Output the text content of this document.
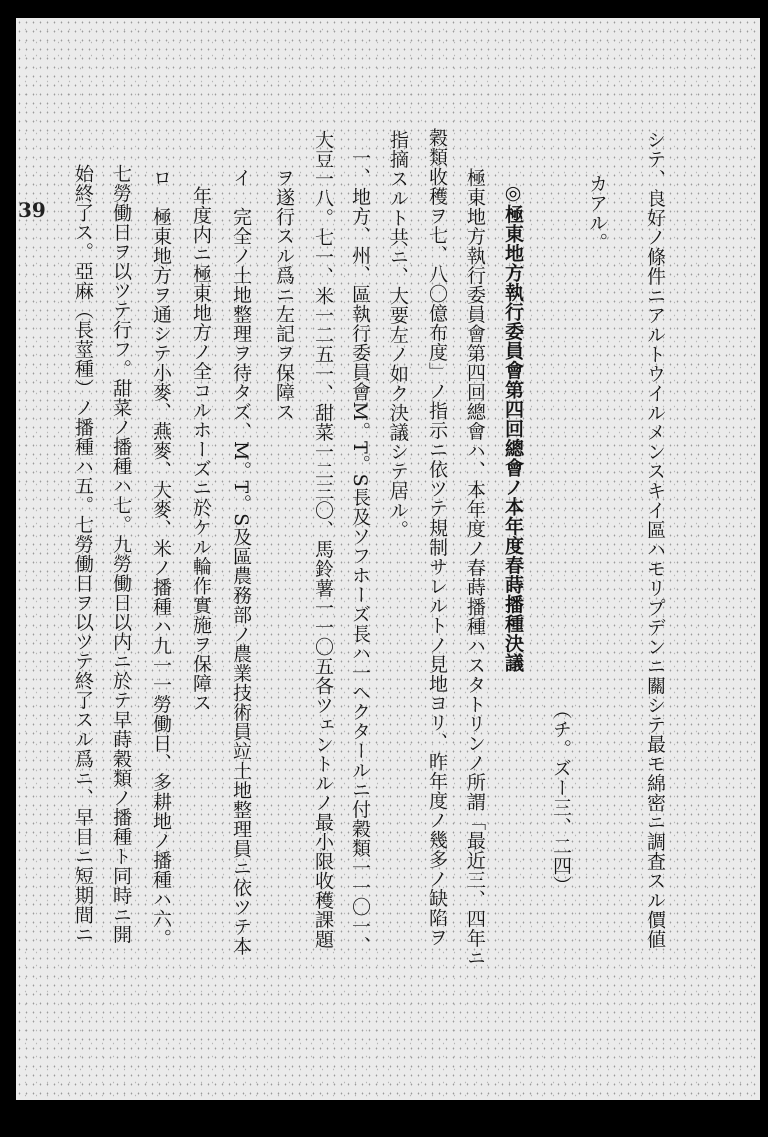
39	シテ、良好ノ條件ニアルトウイルメンスキイ區ハモリプデンニ關シテ最モ綿密ニ調査スル價値
カアル。
（チ。ズー三、二四）
◎極東地方執行委員會第四回總會ノ本年度春蒔播種決議
極東地方執行委員會第四回總會ハ、本年度ノ春蒔播種ハスタトリンノ所謂「最近三、四年ニ
穀類收穫ヲ七、八〇億布度」ノ指示ニ依ツテ規制サレルトノ見地ヨリ、昨年度ノ幾多ノ缺陷ヲ
指摘スルト共ニ、大要左ノ如ク決議シテ居ル。
一、地方、州、區執行委員會M。T。S長及ソフホーズ長ハ一ヘクタールニ付穀類一一〇一、
大豆一八。七一、米一二五一、甜菜一二三〇、馬鈴薯一一〇五各ツェントルノ最小限收穫課題
ヲ遂行スル爲ニ左記ヲ保障ス
イ　完全ノ土地整理ヲ待タズ、M。T。S及區農務部ノ農業技術員竝土地整理員ニ依ツテ本
年度内ニ極東地方ノ全コルホーズニ於ケル輪作實施ヲ保障ス
ロ　極東地方ヲ通シテ小麥、燕麥、大麥、米ノ播種ハ九一一勞働日、多耕地ノ播種ハ六。
七勞働日ヲ以ツテ行フ。甜菜ノ播種ハ七。九勞働日以内ニ於テ早蒔穀類ノ播種ト同時ニ開
始終了ス。亞麻（長莖種）ノ播種ハ五。七勞働日ヲ以ツテ終了スル爲ニ、早目ニ短期間ニ
